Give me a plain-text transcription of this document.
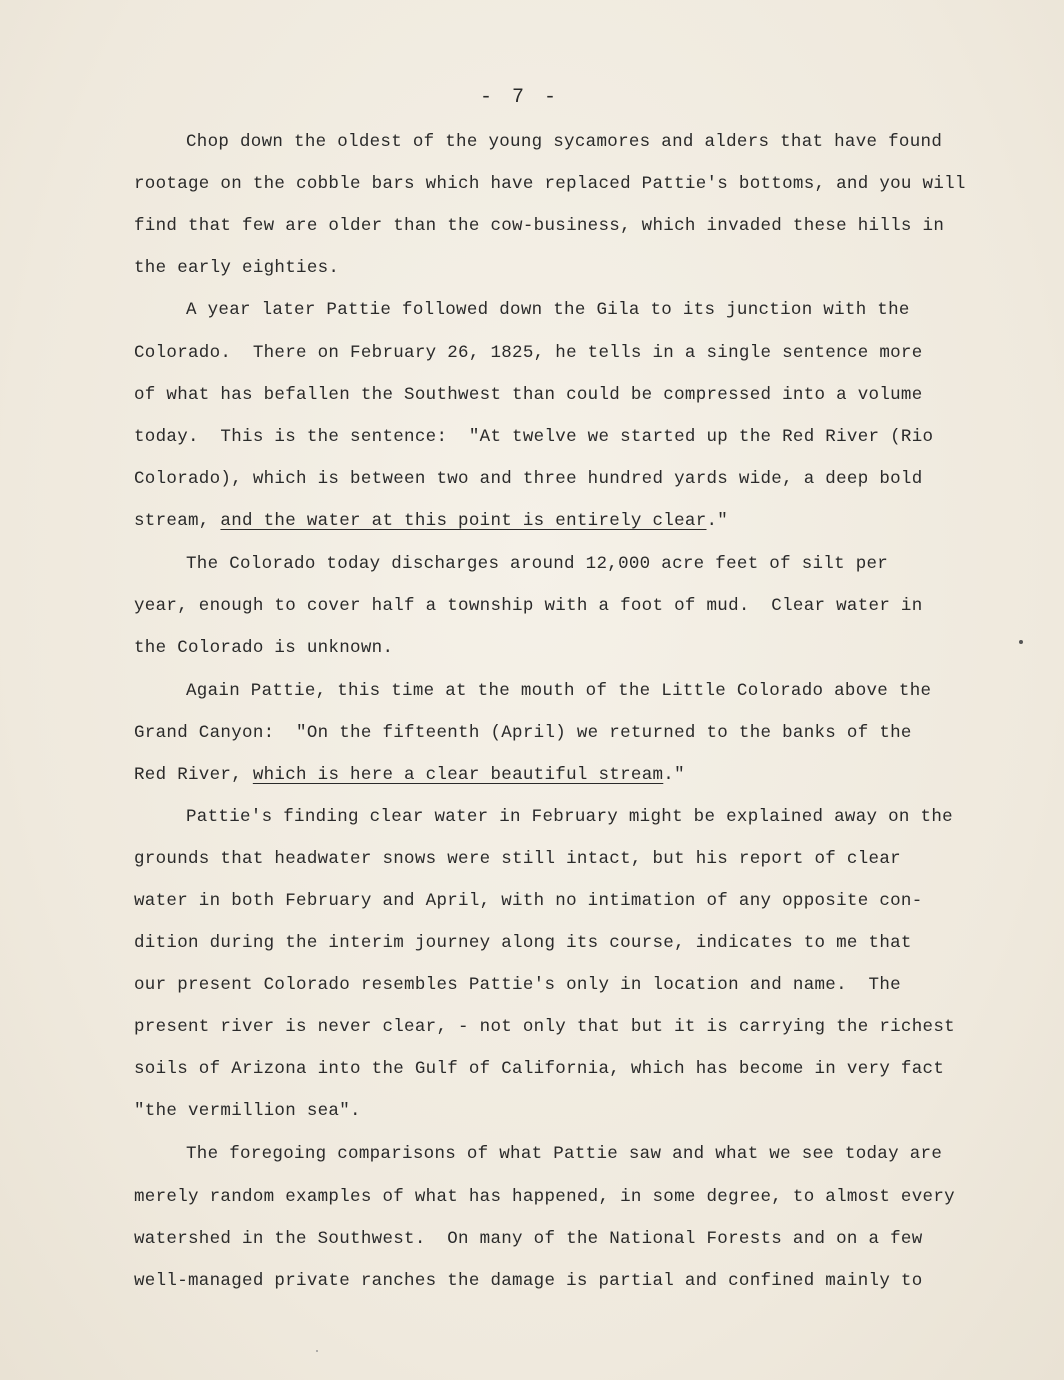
- 7 -
Chop down the oldest of the young sycamores and alders that have found
rootage on the cobble bars which have replaced Pattie's bottoms, and you will
find that few are older than the cow-business, which invaded these hills in
the early eighties.
A year later Pattie followed down the Gila to its junction with the
Colorado.  There on February 26, 1825, he tells in a single sentence more
of what has befallen the Southwest than could be compressed into a volume
today.  This is the sentence:  "At twelve we started up the Red River (Rio
Colorado), which is between two and three hundred yards wide, a deep bold
stream, and the water at this point is entirely clear."
The Colorado today discharges around 12,000 acre feet of silt per
year, enough to cover half a township with a foot of mud.  Clear water in
the Colorado is unknown.
Again Pattie, this time at the mouth of the Little Colorado above the
Grand Canyon:  "On the fifteenth (April) we returned to the banks of the
Red River, which is here a clear beautiful stream."
Pattie's finding clear water in February might be explained away on the
grounds that headwater snows were still intact, but his report of clear
water in both February and April, with no intimation of any opposite con-
dition during the interim journey along its course, indicates to me that
our present Colorado resembles Pattie's only in location and name.  The
present river is never clear, - not only that but it is carrying the richest
soils of Arizona into the Gulf of California, which has become in very fact
"the vermillion sea".
The foregoing comparisons of what Pattie saw and what we see today are
merely random examples of what has happened, in some degree, to almost every
watershed in the Southwest.  On many of the National Forests and on a few
well-managed private ranches the damage is partial and confined mainly to
